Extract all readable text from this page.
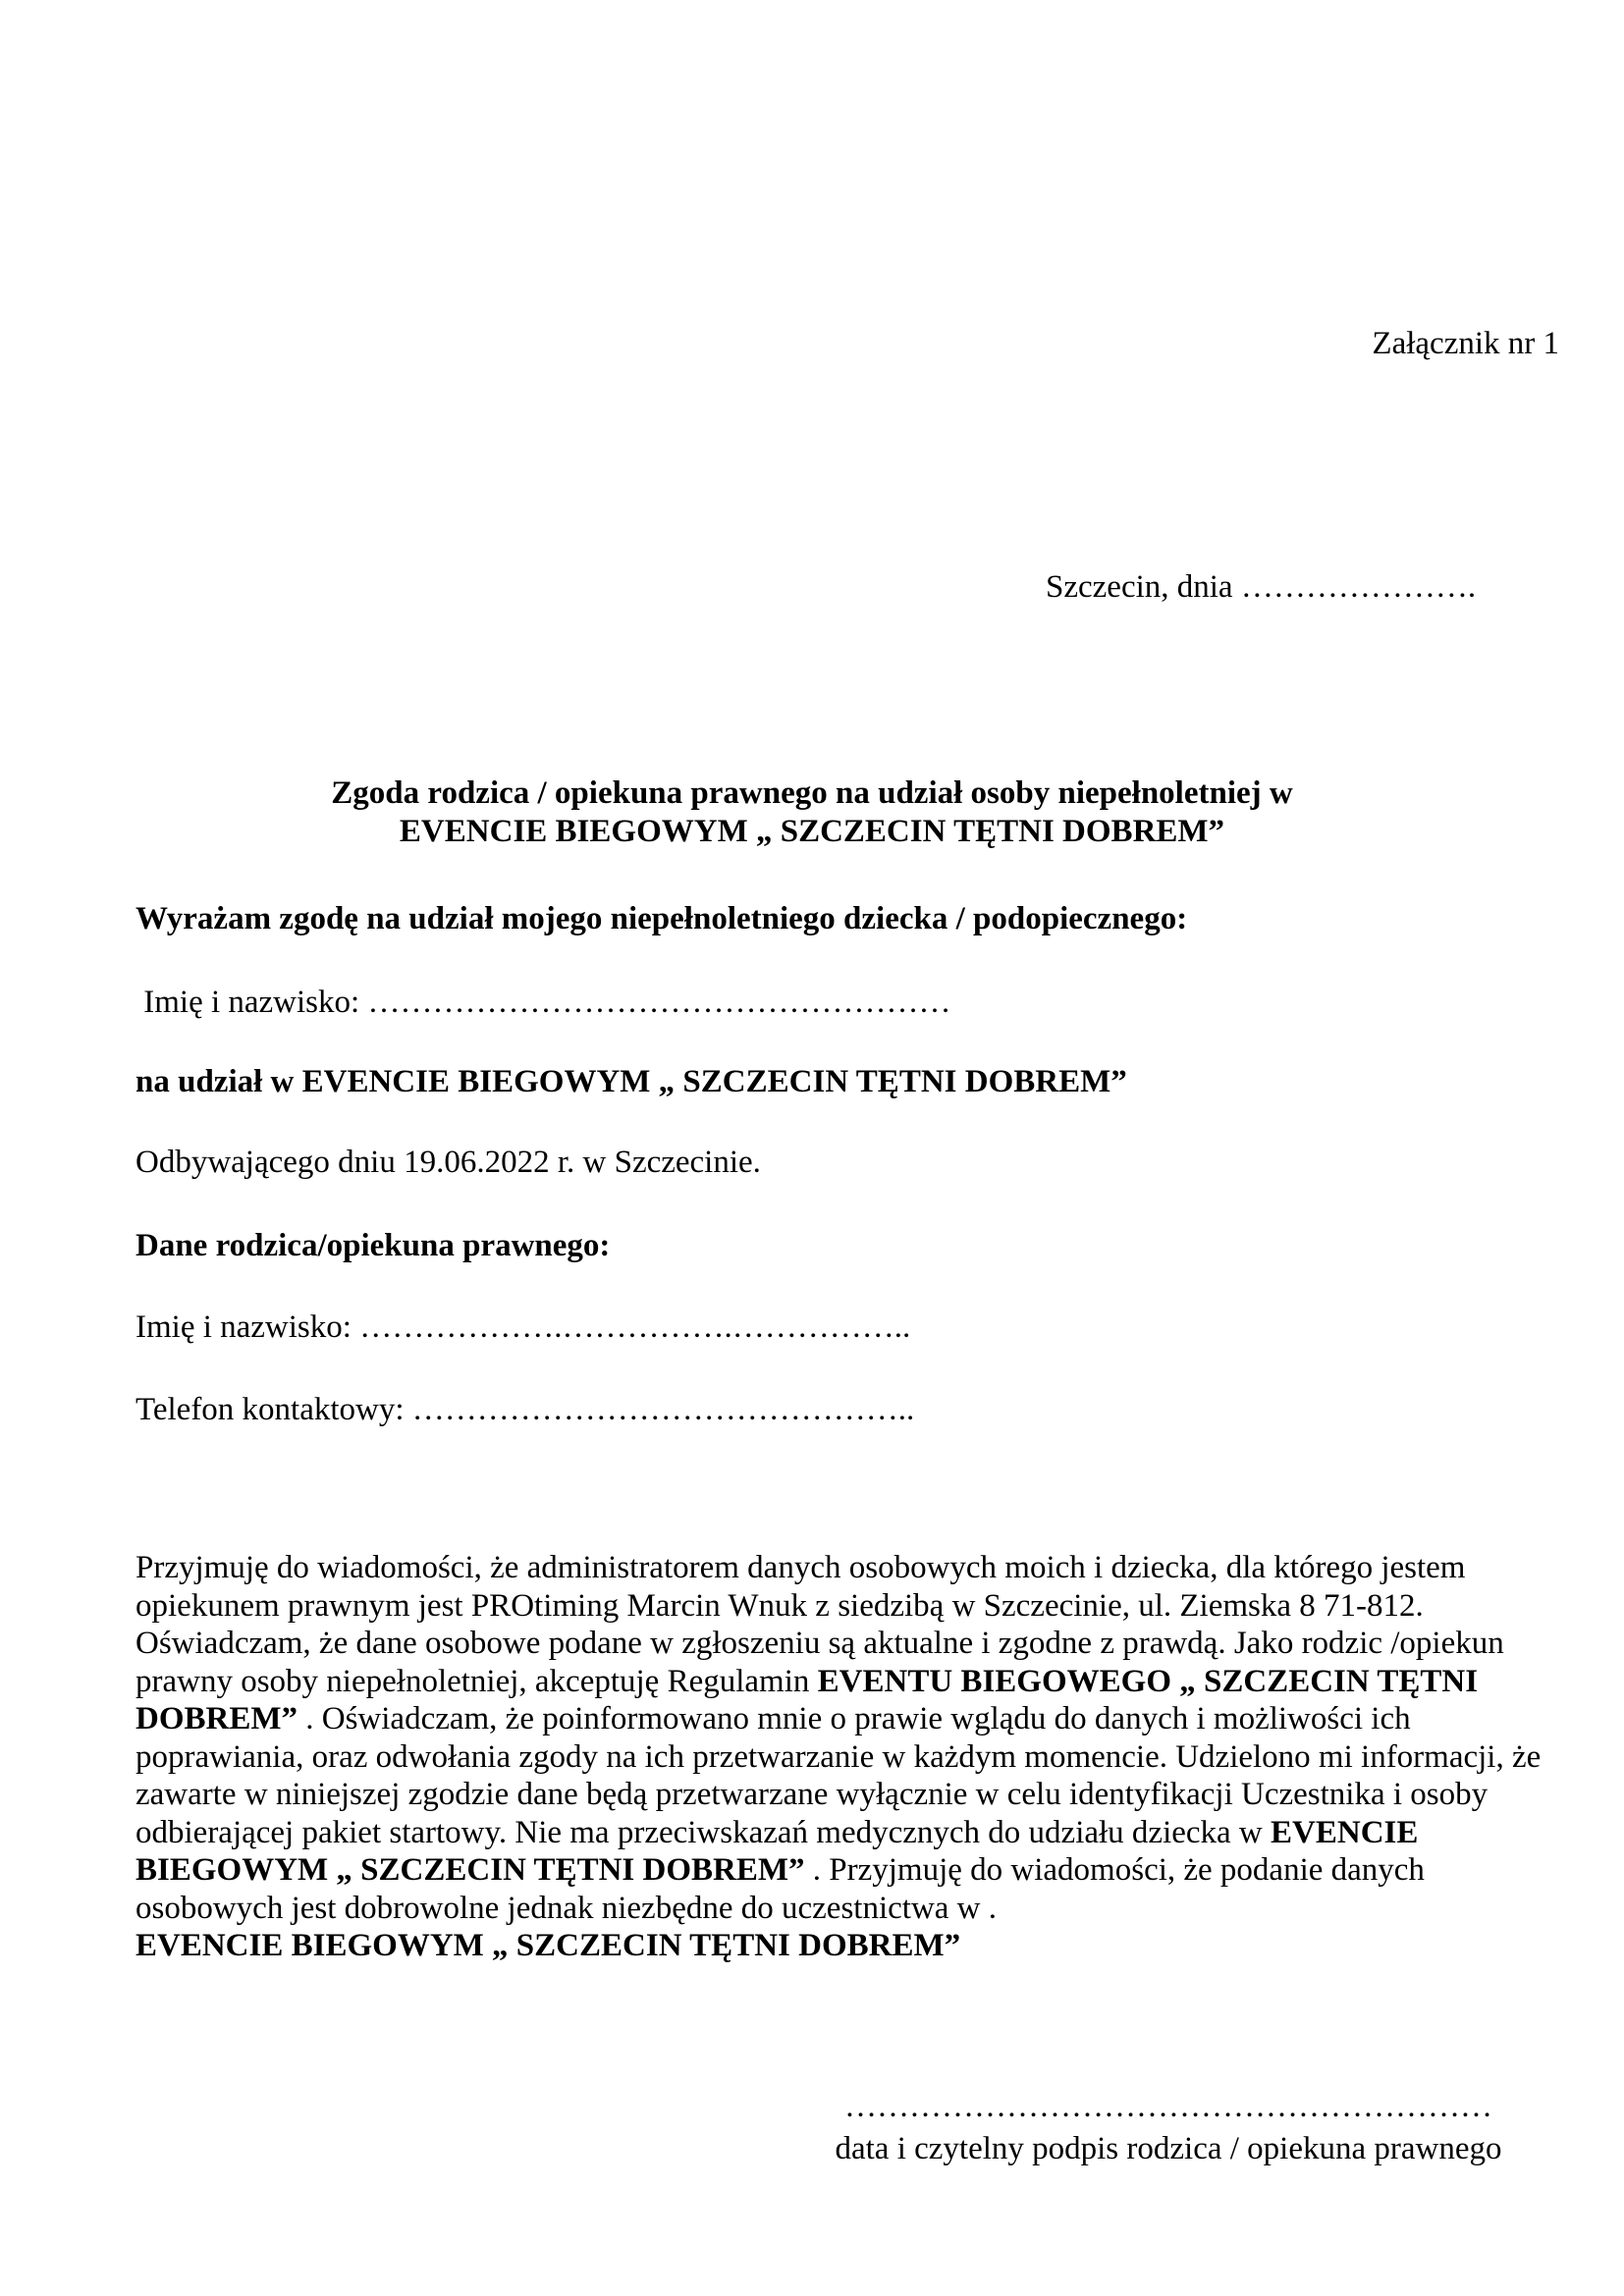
Załącznik nr 1
Szczecin, dnia ………………….
Zgoda rodzica / opiekuna prawnego na udział osoby niepełnoletniej w
EVENCIE BIEGOWYM „ SZCZECIN TĘTNI DOBREM”
Wyrażam zgodę na udział mojego niepełnoletniego dziecka / podopiecznego:
Imię i nazwisko: ………………………………………………
na udział w EVENCIE BIEGOWYM „ SZCZECIN TĘTNI DOBREM”
Odbywającego dniu 19.06.2022 r. w Szczecinie.
Dane rodzica/opiekuna prawnego:
Imię i nazwisko: ……………….…………….……………..
Telefon kontaktowy: ………………………………………..
Przyjmuję do wiadomości, że administratorem danych osobowych moich i dziecka, dla którego jestem opiekunem prawnym jest PROtiming Marcin Wnuk z siedzibą w Szczecinie, ul. Ziemska 8 71-812. Oświadczam, że dane osobowe podane w zgłoszeniu są aktualne i zgodne z prawdą. Jako rodzic /opiekun prawny osoby niepełnoletniej, akceptuję Regulamin EVENTU BIEGOWEGO „ SZCZECIN TĘTNI DOBREM” . Oświadczam, że poinformowano mnie o prawie wglądu do danych i możliwości ich poprawiania, oraz odwołania zgody na ich przetwarzanie w każdym momencie. Udzielono mi informacji, że zawarte w niniejszej zgodzie dane będą przetwarzane wyłącznie w celu identyfikacji Uczestnika i osoby odbierającej pakiet startowy. Nie ma przeciwskazań medycznych do udziału dziecka w EVENCIE BIEGOWYM „ SZCZECIN TĘTNI DOBREM” . Przyjmuję do wiadomości, że podanie danych osobowych jest dobrowolne jednak niezbędne do uczestnictwa w .
EVENCIE BIEGOWYM „ SZCZECIN TĘTNI DOBREM”
……………………………………………………
data i czytelny podpis rodzica / opiekuna prawnego
